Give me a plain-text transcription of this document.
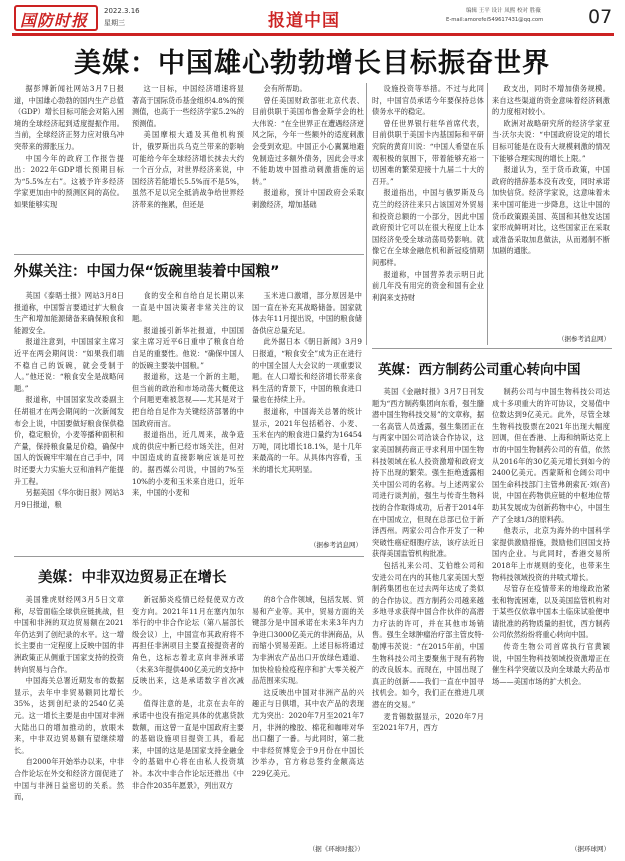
国防时报 2022.3.16
星期三	报道中国	编辑 王平 设计 凤熙 校对 胜薇
E-mail:amorefei549617431@qq.com 07
美媒：中国雄心勃勃增长目标振奋世界

据彭博新闻社网站3月7日报道，中国雄心勃勃的国内生产总值（GDP）增长目标可能会对陷入困境的全球经济起到适度提振作用。当前，全球经济正努力应对俄乌冲突带来的滞胀压力。

中国今年的政府工作报告提出：2022年GDP增长预期目标为“5.5%左右”。这被予许多经济学家更加由中的预测区间的高位。如果能够实现

这一目标，中国经济增速将显著高于国际货币基金组织4.8%的预测值，也高于一些经济学家5.2%的预测值。

美国摩根大通及其他机构预计，俄罗斯出兵乌克兰带来的影响可能给今年全球经济增长抹去大约一个百分点，对世界经济来说，中国经济若能增长5.5%而不是5%，虽然不足以完全抵消战争给世界经济带来的拖累，但还是

会有所帮助。

曾任美国财政部驻北京代表、目前供职于美国布鲁金斯学会的杜大伟说：“在全世界正在遭遇经济逆风之际，今年一些额外的适度刺激会受到欢迎。中国正小心翼翼地避免制造过多额外债务，因此会寻求不能助坡中国推动刺激措施的运转。”

报道称，预计中国政府会采取刺激经济，增加基础

设施投资等举措。不过与此同时，中国官员承诺今年要保持总体债务水平的稳定。

曾任世界银行驻华首席代表，目前供职于美国卡内基国际和平研究院的黄育川说：“中国人希望在乐观积极的氛围下，带着能够充裕一切困难的繁荣迎接十九届二十大的召开。”

报道指出，中国与俄罗斯及乌克兰的经济往来只占该国对外贸易和投资总额的一小部分，因此中国政府预计它可以在很大程度上让本国经济免受全球动荡局势影响。就像它在全球金融危机和新冠疫情期间那样。

报道称，中国营养表示明日此前几年没有用完的资金和国有企业利润来支持财

政支出，同时不增加债务规模。来自这些渠道的资金意味着经济刺激的力度相对较小。

欧洲对战略研究所的经济学家亚当·沃尔夫说：“中国政府设定的增长目标可能是在设有大规模刺激的情况下能够合理实现的增长上限。”

报道认为，至于货币政策，中国政府的措辞基本没有改变，同时承诺加快信贷。经济学家说，这意味着未来中国可能进一步降息，这让中国的货币政策跟美国、英国和其他发达国家形成鲜明对比，这些国家正在采取或准备采取加息做法，从而遏制不断加剧的通胀。

（据参考消息网）
外媒关注：中国力保“饭碗里装着中国粮”

英国《泰晤士报》网站3月8日报道称，中国誓言要通过扩大粮食生产和增加能源储备来确保粮食和能源安全。

报道注意到，中国国家主席习近平在两会期间说：“如果我们端不稳自己的饭碗，就会受制于人。”他还说：“粮食安全是战略问题。”

报道称，中国国家发改委副主任胡祖才在两会期间的一次新闻发布会上说，中国要做好粮食保供稳价，稳定粮价，小麦等播种面积和产量，保持粮食量足价稳，确保中国人的饭碗牢牢端在自己手中，同时还要大力实施大豆和油料产能提升工程。

另据美国《华尔街日报》网站3月9日报道，粮

食的安全和自给自足长期以来一直是中国决策者非常关注的议题。

报道援引新华社报道，中国国家主席习近平6日重申了粮食自给自足的重要性。他说：“确保中国人的饭碗主要装中国粮。”

报道称，这是一个新的主题，但当前的政治和市场动荡大概使这个问题更难被忽视——尤其是对于把自给自足作为关键经济部署的中国政府而言。

报道指出，近几周来，战争造成的供应中断已经市场关注，但对中国造成的直接影响应该是可控的。据西媒公司说，中国的7%至10%的小麦和玉米来自进口，近年来，中国的小麦和

玉米进口激增，部分原因是中国一直在补充其战略储备。国家就体去年11月提出说，中国的粮食储备供应总量充足。

此外据日本《朝日新闻》3月9日报道，“粮食安全”成为正在进行的中国全国人大会议的一项重要议题。在人口增长和经济增长带来食料生活的背景下，中国的粮食进口量也在持续上升。

报道称，中国海关总署的统计显示，2021年包括稻谷、小麦、玉米在内的粮食进口量约为16454万吨，同比增长18.1%，是十几年来最高的一年。从具体内容看，玉米的增长尤其明显。

（据参考消息网）
美媒：中非双边贸易正在增长

美国雅虎财经网3月5日文章称，尽管面临全球供应链挑战，但中国和非洲的双边贸易额在2021年仍达到了创纪录的水平。这一增长主要由一定程度上反映中国的非洲政策正从侧重于国家支持的投资转向贸易与合作。

中国海关总署近期发布的数据显示，去年中非贸易额同比增长35%，达到创纪录的2540亿美元。这一增长主要是由中国对非洲大陆出口的增加推动的，放眼未来，中非双边贸易额有望继续增长。

自2000年开始举办以来，中非合作论坛在外交和经济方面促进了中国与非洲日益密切的关系。然而，

新冠肺炎疫情已经促使双方改变方向。2021年11月在塞内加尔举行的中非合作论坛（第八届部长级会议）上，中国宣布其政府将不再担任非洲项目主要直接提资者的角色，这标志着北京向非洲承诺（未来3年提供400亿美元的支持中反映出来，这是承诺数字首次减少。

值得注意的是，北京在去年的承诺中也没有指定具体的优惠贷款数额，而这曾一直是中国政府主要的基础设施项目提资工具，看起来，中国的这是是国家支持金融金令的基础中心将在由私人投资填补。本次中非合作论坛还推出《中非合作2035年愿景》，列出双方

的8个合作领域，包括发展、贸易和产业等。其中，贸易方面的关键部分是中国承诺在未来3年内力争进口3000亿美元的非洲商品，从而缩小贸易差距。上述目标将通过为非洲农产品出口开放绿色通道、加快检验检疫程序和扩大零关税产品范围来实现。

这反映出中国对非洲产品的兴趣正与日俱增，其中农产品的表现尤为突出：2020年7月至2021年7月，非洲的橡胶、棉花和咖啡对华出口翻了一番。与此同时，第二批中非经贸博览会于9月份在中国长沙举办，官方称总签约金额高达229亿美元。

（据《环球时报》）
英媒：西方制药公司重心转向中国

英国《金融时报》3月7日刊发题为“西方制药集团向东看，强生髓潜中国生物科技交易”的文章称，据一名高管人员透露，强生集团正在与两家中国公司洽谈合作协议，这家美国制药商正寻求利用中国生物科技领域在私人投资激增和政府支持下出现的繁荣。强生拒绝透露相关中国公司的名称。与上述两家公司进行谈判前，强生与传奇生物科技的合作取得成功，后者于2014年在中国成立，但现在总部已位于新泽西州。两家公司合作开发了一种突破性癌症细胞疗法，该疗法近日获得美国监管机构批准。

包括礼来公司、艾伯维公司和安进公司在内的其他几家美国大型制药集团也在过去两年达成了类似的合作协议。西方制药公司越来越多地寻求获得中国合作伙伴的高潜力疗法的许可，并在其他市场销售。强生全球肿瘤治疗部主管皮特·勒博韦茨说：“在2015年前，中国生物科技公司主要聚焦于现有药物的改良版本。而现在，中国出现了真正的创新——我们一直在中国寻找机会。如今，我们正在推进几项潜在的交易。”

麦肯锡数据显示，2020年7月至2021年7月，西方

制药公司与中国生物科技公司达成十多项重大的许可协议，交易值中位数达到9亿美元。此外，尽管全球生物科技股票在2021年出现大幅度回调，但在香港、上海和纳斯达克上市的中国生物制药公司的有值，依然从2016年的30亿美元增长到如今的2400亿美元。西蒙斯和仓阔公司中国生命科技部门主管弗朗索瓦·刘(音)说，中国在药物供应链的中枢地位帮助其发展成为创新药物中心，中国生产了全球1/3的原料药。

他表示，北京为海外的中国科学家提供激励措施，鼓励他们回国支持国内企业。与此同时，香港交易所2018年上市规则的变化，也带来生物科技领域投资的井喷式增长。

尽管存在疫情带来的地缘政治紧张和物流困难，以及美国监管机构对于某些仅依靠中国本土临床试验便申请批准的药物质量的担忧，西方制药公司依然纷纷将重心转向中国。

传奇生物公司首席执行官黄颖说，中国生物科技领域投资激增正在催生科学突破以及向全球最大药品市场——美国市场的扩大机会。

（据环球网）
